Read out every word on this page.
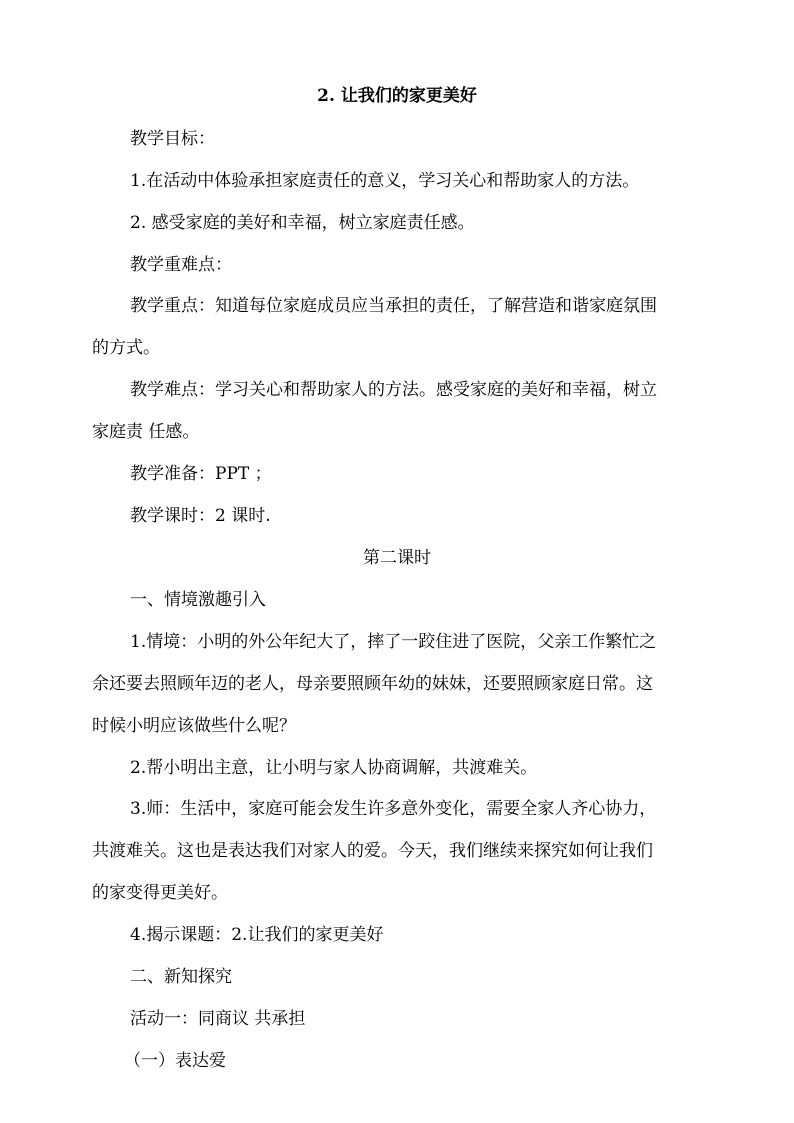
2. 让我们的家更美好
教学目标：
1.在活动中体验承担家庭责任的意义，学习关心和帮助家人的方法。
2. 感受家庭的美好和幸福，树立家庭责任感。
教学重难点：
教学重点：知道每位家庭成员应当承担的责任，了解营造和谐家庭氛围
的方式。
教学难点：学习关心和帮助家人的方法。感受家庭的美好和幸福，树立
家庭责 任感。
教学准备：PPT ；
教学课时：2 课时.
第二课时
一、情境激趣引入
1.情境：小明的外公年纪大了，摔了一跤住进了医院，父亲工作繁忙之
余还要去照顾年迈的老人，母亲要照顾年幼的妹妹，还要照顾家庭日常。这
时候小明应该做些什么呢？
2.帮小明出主意，让小明与家人协商调解，共渡难关。
3.师：生活中，家庭可能会发生许多意外变化，需要全家人齐心协力，
共渡难关。这也是表达我们对家人的爱。今天，我们继续来探究如何让我们
的家变得更美好。
4.揭示课题：2.让我们的家更美好
二、新知探究
活动一：同商议 共承担
（一）表达爱
